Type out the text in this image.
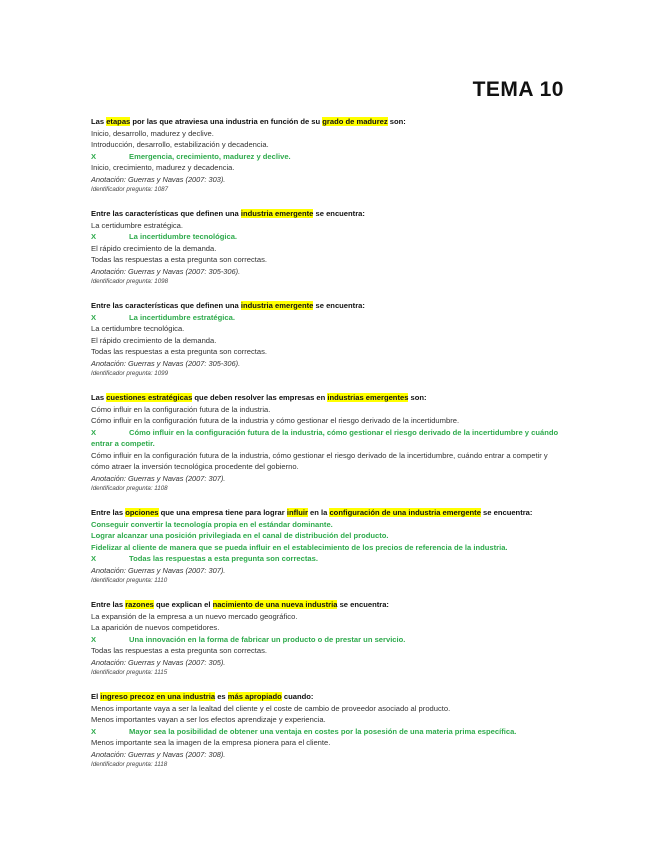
TEMA 10
Las etapas por las que atraviesa una industria en función de su grado de madurez son:
Inicio, desarrollo, madurez y declive.
Introducción, desarrollo, estabilización y decadencia.
X	Emergencia, crecimiento, madurez y declive.
Inicio, crecimiento, madurez y decadencia.
Anotación: Guerras y Navas (2007: 303).
Identificador pregunta: 1087
Entre las características que definen una industria emergente se encuentra:
La certidumbre estratégica.
X	La incertidumbre tecnológica.
El rápido crecimiento de la demanda.
Todas las respuestas a esta pregunta son correctas.
Anotación: Guerras y Navas (2007: 305-306).
Identificador pregunta: 1098
Entre las características que definen una industria emergente se encuentra:
X	La incertidumbre estratégica.
La certidumbre tecnológica.
El rápido crecimiento de la demanda.
Todas las respuestas a esta pregunta son correctas.
Anotación: Guerras y Navas (2007: 305-306).
Identificador pregunta: 1099
Las cuestiones estratégicas que deben resolver las empresas en industrias emergentes son:
Cómo influir en la configuración futura de la industria.
Cómo influir en la configuración futura de la industria y cómo gestionar el riesgo derivado de la incertidumbre.
X	Cómo influir en la configuración futura de la industria, cómo gestionar el riesgo derivado de la incertidumbre y cuándo entrar a competir.
Cómo influir en la configuración futura de la industria, cómo gestionar el riesgo derivado de la incertidumbre, cuándo entrar a competir y cómo atraer la inversión tecnológica procedente del gobierno.
Anotación: Guerras y Navas (2007: 307).
Identificador pregunta: 1108
Entre las opciones que una empresa tiene para lograr influir en la configuración de una industria emergente se encuentra:
Conseguir convertir la tecnología propia en el estándar dominante.
Lograr alcanzar una posición privilegiada en el canal de distribución del producto.
Fidelizar al cliente de manera que se pueda influir en el establecimiento de los precios de referencia de la industria.
X	Todas las respuestas a esta pregunta son correctas.
Anotación: Guerras y Navas (2007: 307).
Identificador pregunta: 1110
Entre las razones que explican el nacimiento de una nueva industria se encuentra:
La expansión de la empresa a un nuevo mercado geográfico.
La aparición de nuevos competidores.
X	Una innovación en la forma de fabricar un producto o de prestar un servicio.
Todas las respuestas a esta pregunta son correctas.
Anotación: Guerras y Navas (2007: 305).
Identificador pregunta: 1115
El ingreso precoz en una industria es más apropiado cuando:
Menos importante vaya a ser la lealtad del cliente y el coste de cambio de proveedor asociado al producto.
Menos importantes vayan a ser los efectos aprendizaje y experiencia.
X	Mayor sea la posibilidad de obtener una ventaja en costes por la posesión de una materia prima específica.
Menos importante sea la imagen de la empresa pionera para el cliente.
Anotación: Guerras y Navas (2007: 308).
Identificador pregunta: 1118
